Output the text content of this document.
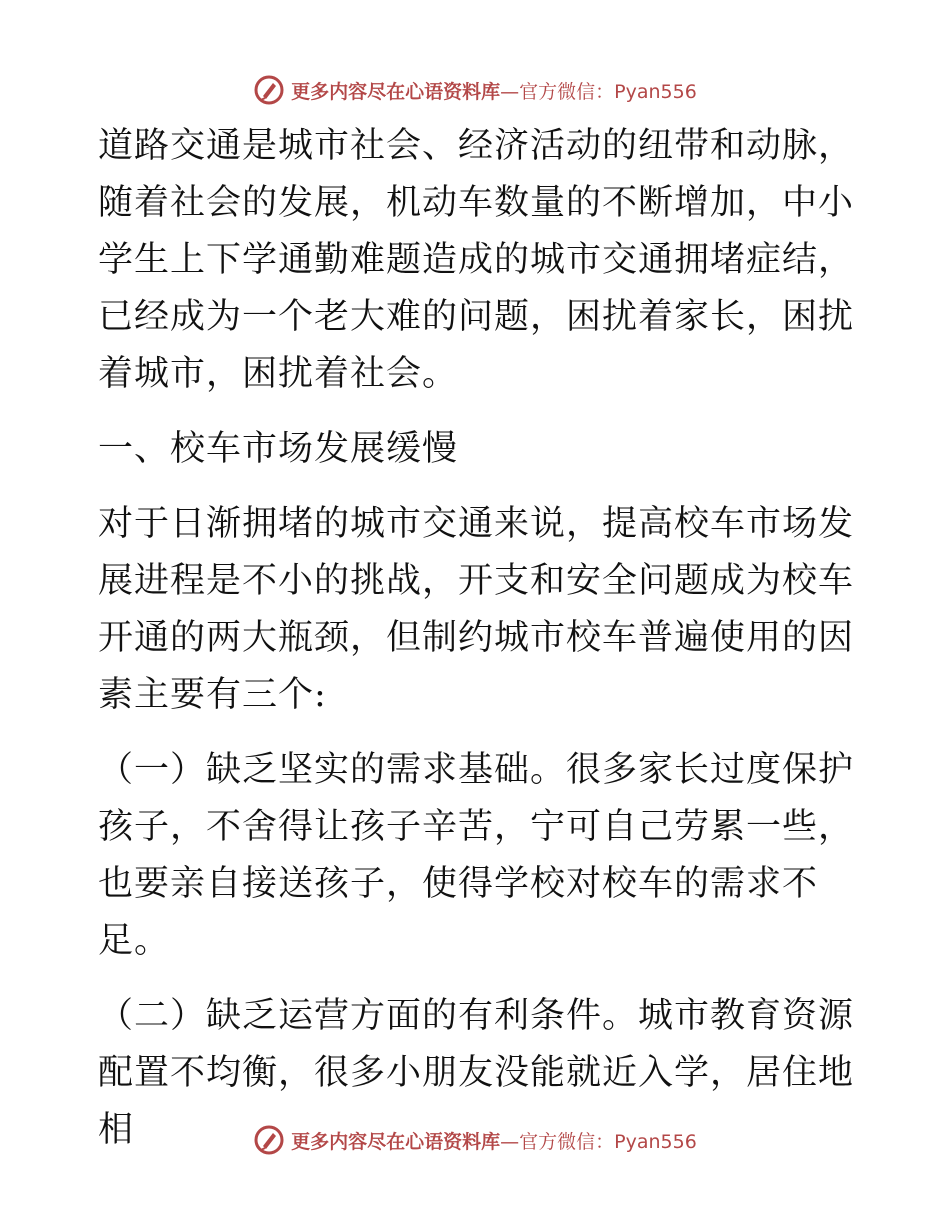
更多内容尽在心语资料库—官方微信：Pyan556

道路交通是城市社会、经济活动的纽带和动脉，随着社会的发展，机动车数量的不断增加，中小学生上下学通勤难题造成的城市交通拥堵症结，已经成为一个老大难的问题，困扰着家长，困扰着城市，困扰着社会。

一、校车市场发展缓慢

对于日渐拥堵的城市交通来说，提高校车市场发展进程是不小的挑战，开支和安全问题成为校车开通的两大瓶颈，但制约城市校车普遍使用的因素主要有三个:

（一）缺乏坚实的需求基础。很多家长过度保护孩子，不舍得让孩子辛苦，宁可自己劳累一些，也要亲自接送孩子，使得学校对校车的需求不足。

（二）缺乏运营方面的有利条件。城市教育资源配置不均衡，很多小朋友没能就近入学，居住地相	更多内容尽在心语资料库—官方微信：Pyan556
